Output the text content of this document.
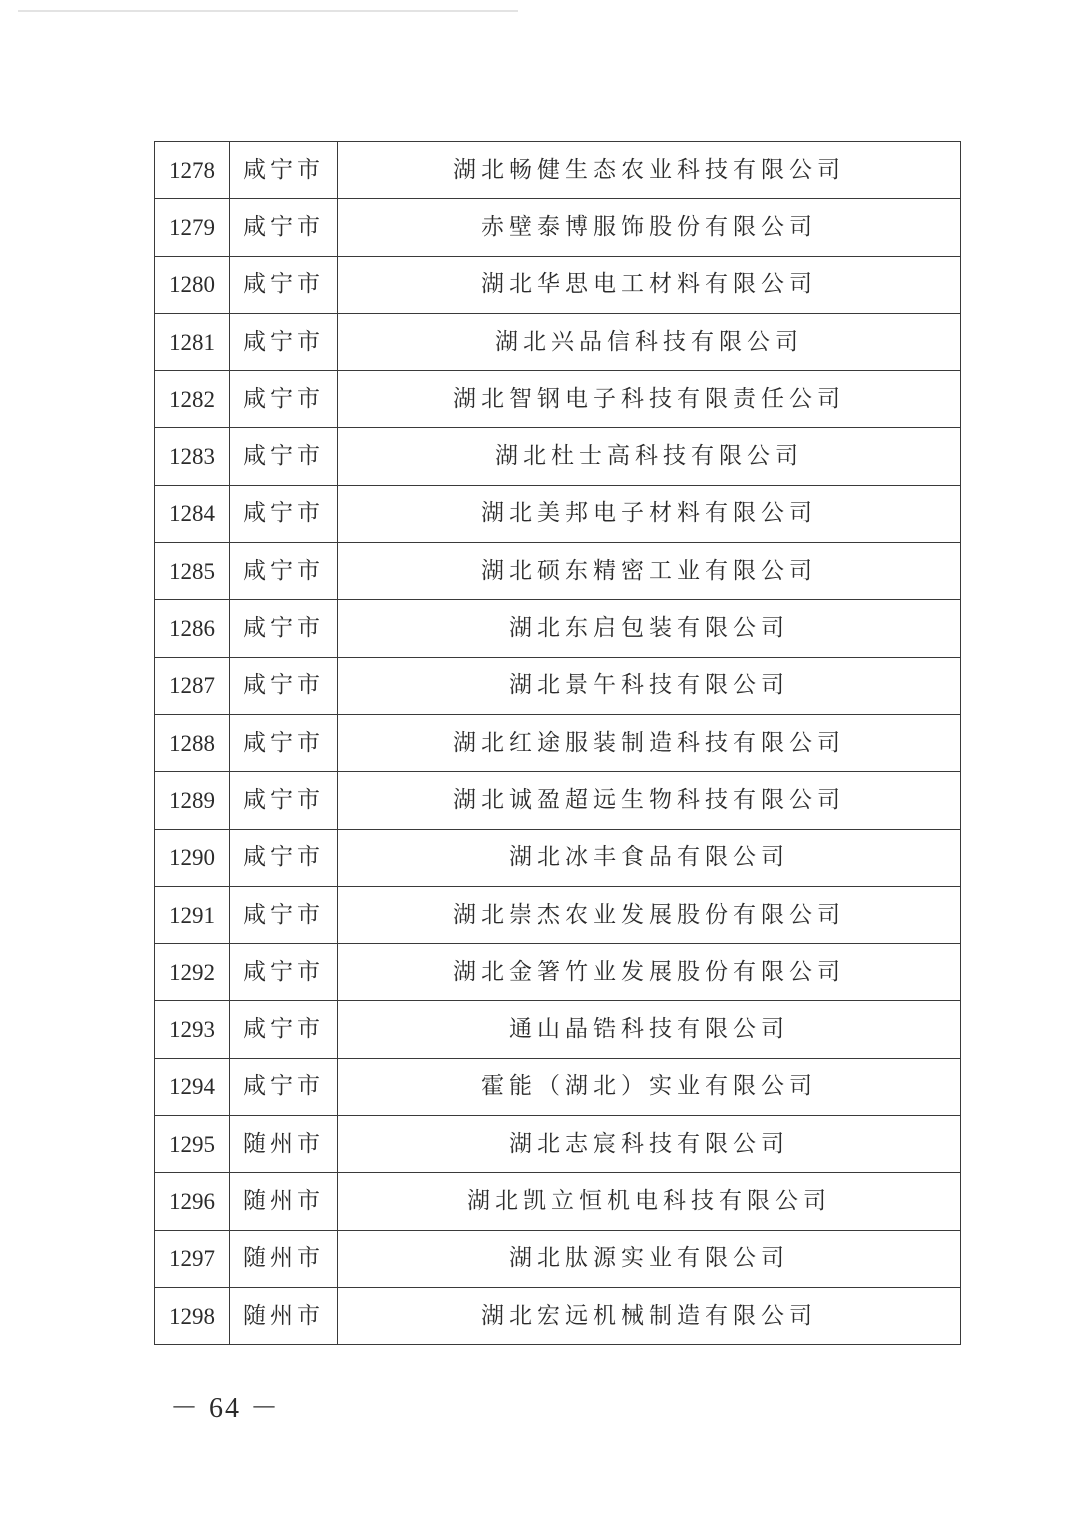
1278	咸宁市	湖北畅健生态农业科技有限公司
1279	咸宁市	赤壁泰博服饰股份有限公司
1280	咸宁市	湖北华思电工材料有限公司
1281	咸宁市	湖北兴品信科技有限公司
1282	咸宁市	湖北智钢电子科技有限责任公司
1283	咸宁市	湖北杜士高科技有限公司
1284	咸宁市	湖北美邦电子材料有限公司
1285	咸宁市	湖北硕东精密工业有限公司
1286	咸宁市	湖北东启包装有限公司
1287	咸宁市	湖北景午科技有限公司
1288	咸宁市	湖北红途服装制造科技有限公司
1289	咸宁市	湖北诚盈超远生物科技有限公司
1290	咸宁市	湖北冰丰食品有限公司
1291	咸宁市	湖北崇杰农业发展股份有限公司
1292	咸宁市	湖北金箸竹业发展股份有限公司
1293	咸宁市	通山晶锆科技有限公司
1294	咸宁市	霍能（湖北）实业有限公司
1295	随州市	湖北志宸科技有限公司
1296	随州市	湖北凯立恒机电科技有限公司
1297	随州市	湖北肽源实业有限公司
1298	随州市	湖北宏远机械制造有限公司
－ 64 －
